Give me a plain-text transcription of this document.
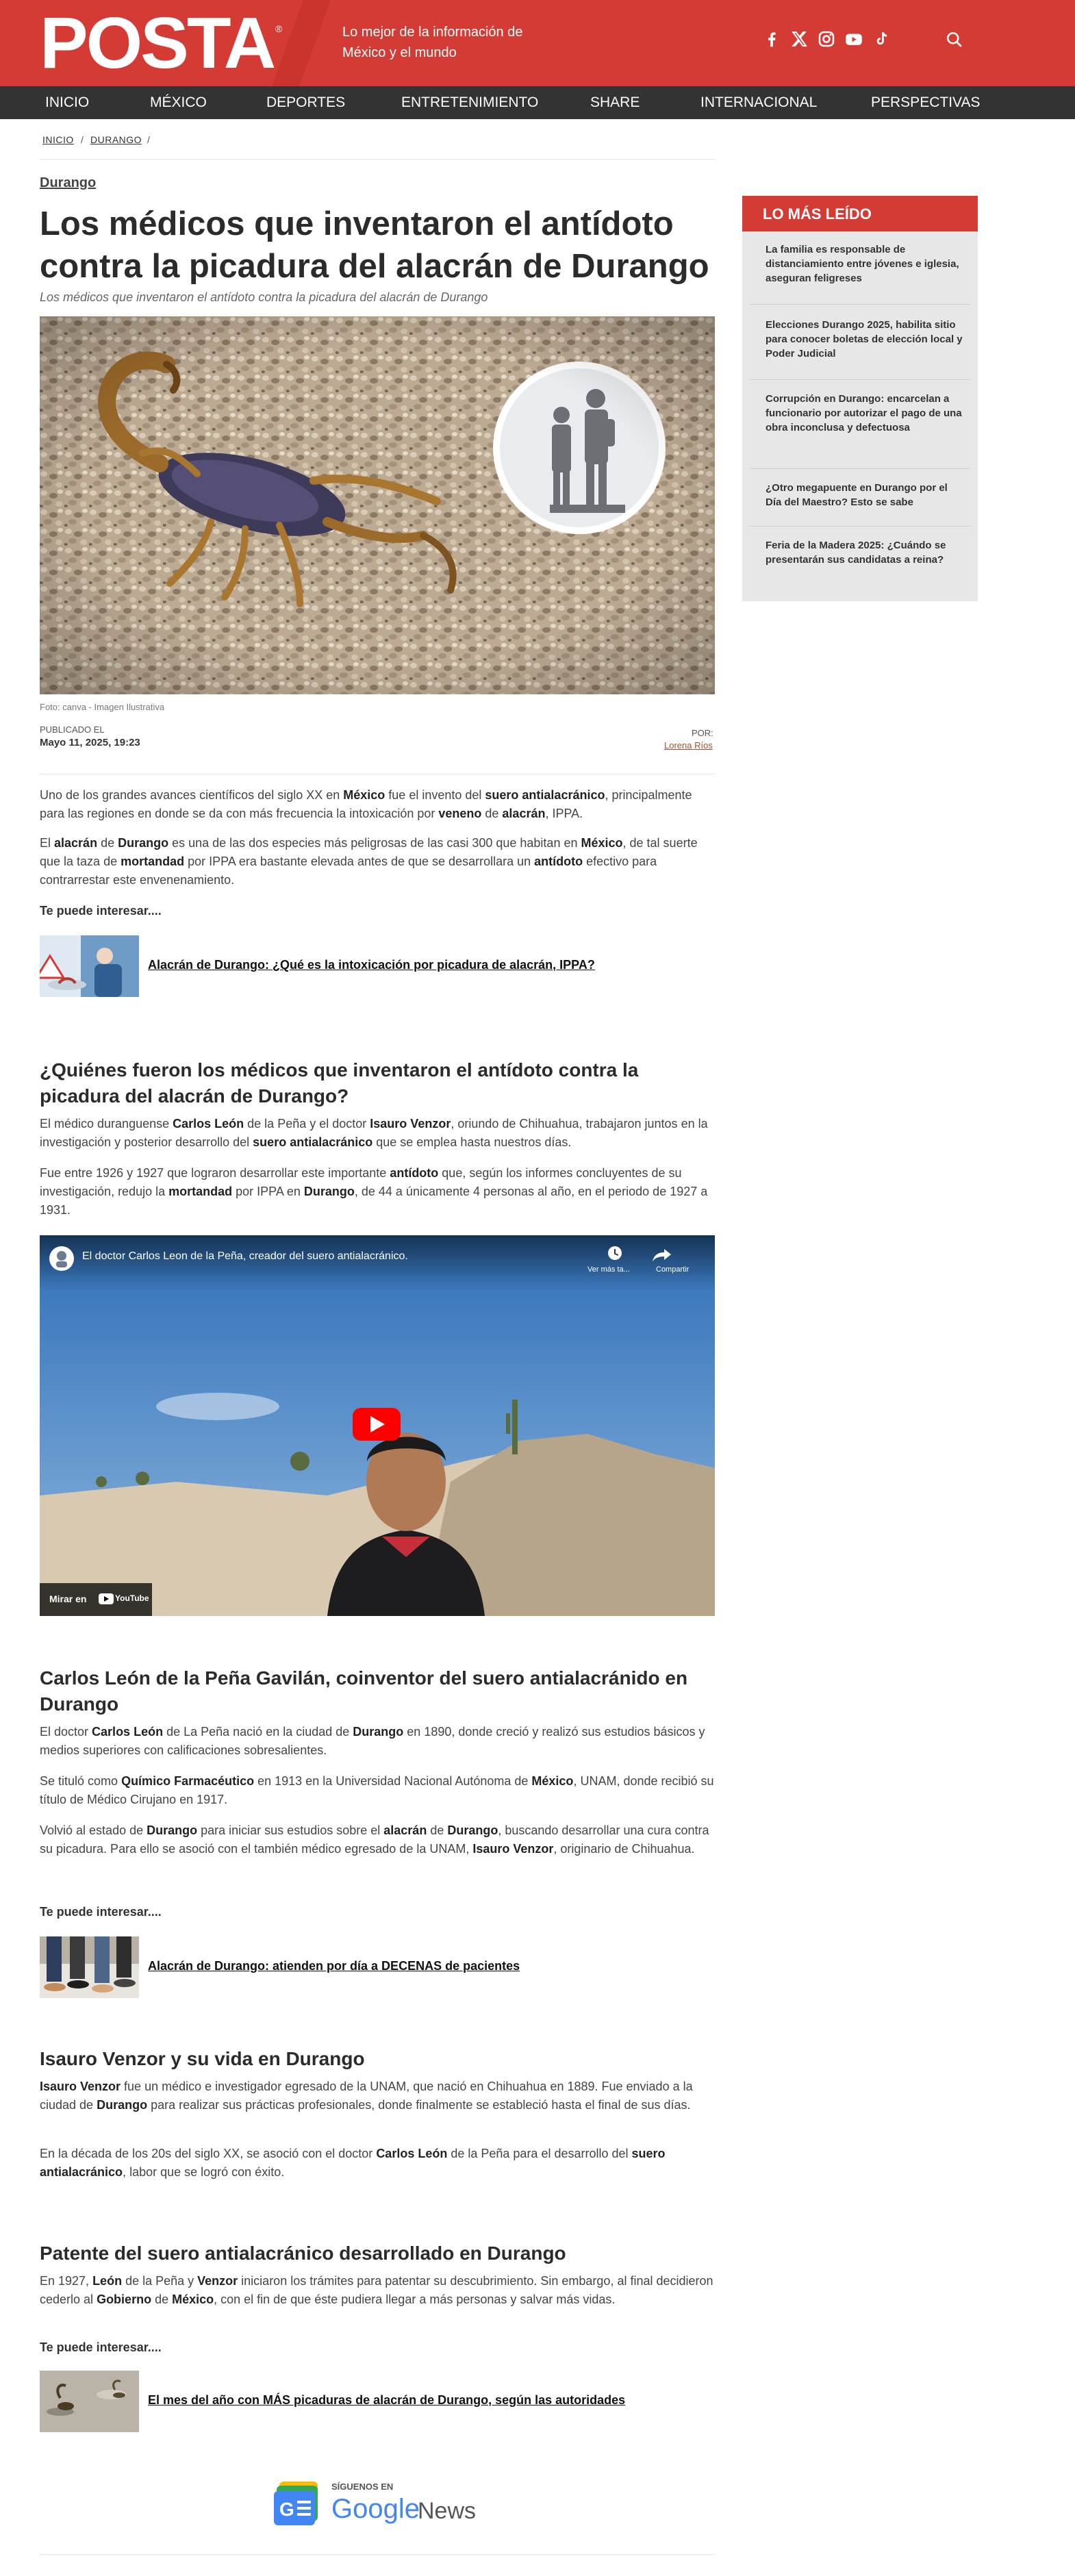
POSTA ®	Lo mejor de la información de México y el mundo
INICIO	MÉXICO	DEPORTES	ENTRETENIMIENTO	SHARE	INTERNACIONAL	PERSPECTIVAS
INICIO / DURANGO /
Durango
Los médicos que inventaron el antídoto contra la picadura del alacrán de Durango
Los médicos que inventaron el antídoto contra la picadura del alacrán de Durango
Foto: canva - Imagen Ilustrativa
PUBLICADO EL
Mayo 11, 2025, 19:23
POR:
Lorena Ríos
Uno de los grandes avances científicos del siglo XX en México fue el invento del suero antialacránico, principalmente para las regiones en donde se da con más frecuencia la intoxicación por veneno de alacrán, IPPA.
El alacrán de Durango es una de las dos especies más peligrosas de las casi 300 que habitan en México, de tal suerte que la taza de mortandad por IPPA era bastante elevada antes de que se desarrollara un antídoto efectivo para contrarrestar este envenenamiento.
Te puede interesar....
Alacrán de Durango: ¿Qué es la intoxicación por picadura de alacrán, IPPA?
¿Quiénes fueron los médicos que inventaron el antídoto contra la picadura del alacrán de Durango?
El médico duranguense Carlos León de la Peña y el doctor Isauro Venzor, oriundo de Chihuahua, trabajaron juntos en la investigación y posterior desarrollo del suero antialacránico que se emplea hasta nuestros días.
Fue entre 1926 y 1927 que lograron desarrollar este importante antídoto que, según los informes concluyentes de su investigación, redujo la mortandad por IPPA en Durango, de 44 a únicamente 4 personas al año, en el periodo de 1927 a 1931.
El doctor Carlos Leon de la Peña, creador del suero antialacránico.
Ver más ta...	Compartir
Mirar en	YouTube
Carlos León de la Peña Gavilán, coinventor del suero antialacránido en Durango
El doctor Carlos León de La Peña nació en la ciudad de Durango en 1890, donde creció y realizó sus estudios básicos y medios superiores con calificaciones sobresalientes.
Se tituló como Químico Farmacéutico en 1913 en la Universidad Nacional Autónoma de México, UNAM, donde recibió su título de Médico Cirujano en 1917.
Volvió al estado de Durango para iniciar sus estudios sobre el alacrán de Durango, buscando desarrollar una cura contra su picadura. Para ello se asoció con el también médico egresado de la UNAM, Isauro Venzor, originario de Chihuahua.
Te puede interesar....
Alacrán de Durango: atienden por día a DECENAS de pacientes
Isauro Venzor y su vida en Durango
Isauro Venzor fue un médico e investigador egresado de la UNAM, que nació en Chihuahua en 1889. Fue enviado a la ciudad de Durango para realizar sus prácticas profesionales, donde finalmente se estableció hasta el final de sus días.
En la década de los 20s del siglo XX, se asoció con el doctor Carlos León de la Peña para el desarrollo del suero antialacránico, labor que se logró con éxito.
Patente del suero antialacránico desarrollado en Durango
En 1927, León de la Peña y Venzor iniciaron los trámites para patentar su descubrimiento. Sin embargo, al final decidieron cederlo al Gobierno de México, con el fin de que éste pudiera llegar a más personas y salvar más vidas.
Te puede interesar....
El mes del año con MÁS picaduras de alacrán de Durango, según las autoridades
G
SÍGUENOS EN
Google
News
LO MÁS LEÍDO
La familia es responsable de distanciamiento entre jóvenes e iglesia, aseguran feligreses
Elecciones Durango 2025, habilita sitio para conocer boletas de elección local y Poder Judicial
Corrupción en Durango: encarcelan a funcionario por autorizar el pago de una obra inconclusa y defectuosa
¿Otro megapuente en Durango por el Día del Maestro? Esto se sabe
Feria de la Madera 2025: ¿Cuándo se presentarán sus candidatas a reina?
